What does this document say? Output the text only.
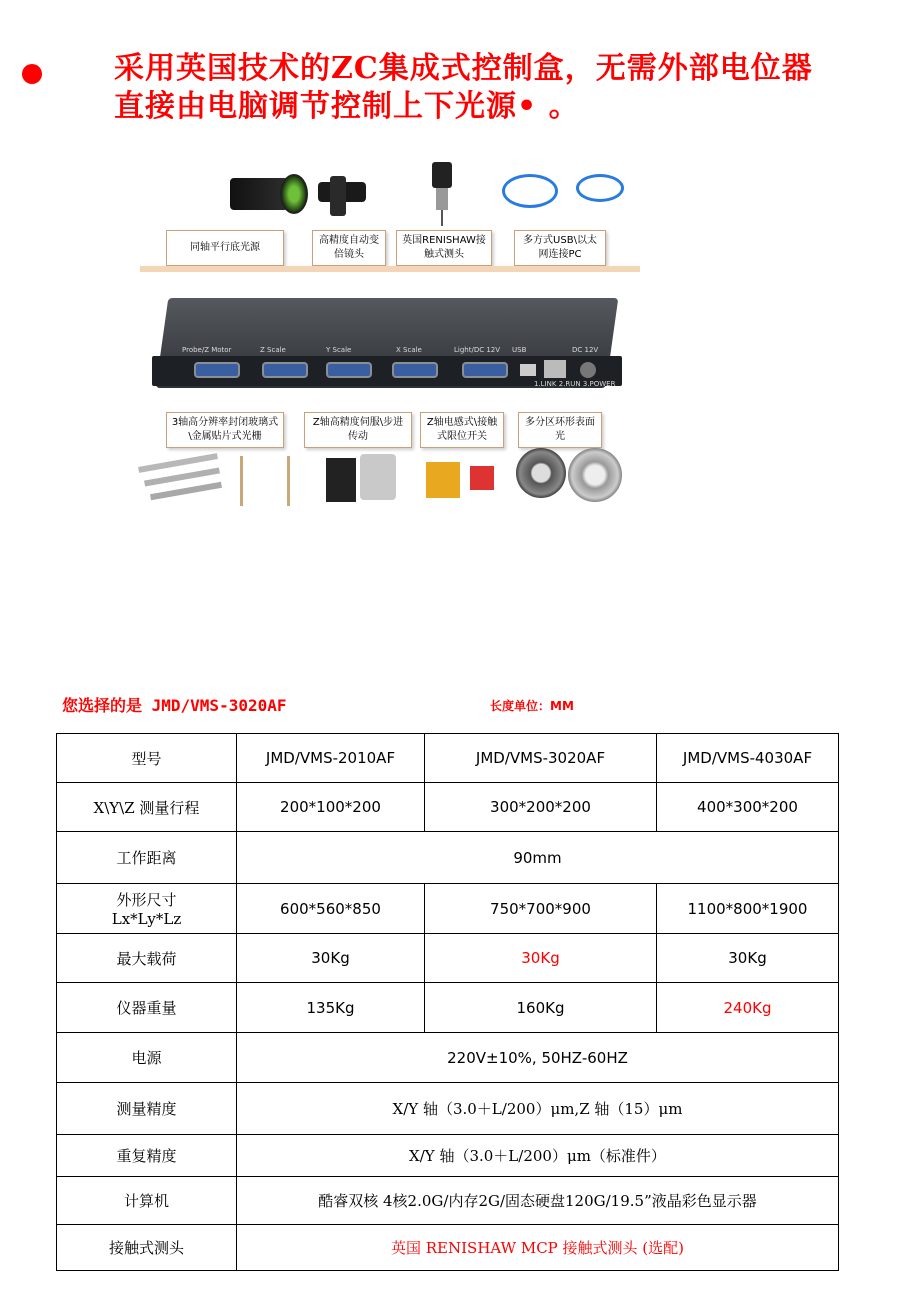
采用英国技术的ZC集成式控制盒，无需外部电位器
直接由电脑调节控制上下光源• 。
同轴平行底光源
高精度自动变倍镜头
英国RENISHAW接触式测头
多方式USB\以太网连接PC
Probe/Z Motor	Z Scale	Y Scale	X Scale	Light/DC 12V USB	DC 12V
1.LINK 2.RUN 3.POWER
3轴高分辨率封闭玻璃式\金属贴片式光栅
Z轴高精度伺服\步进传动
Z轴电感式\接触式限位开关
多分区环形表面光
您选择的是 JMD/VMS-3020AF	长度单位：MM
型号	JMD/VMS-2010AF	JMD/VMS-3020AF	JMD/VMS-4030AF
X\Y\Z 测量行程	200*100*200	300*200*200	400*300*200
工作距离	90mm		

外形尺寸
Lx*Ly*Lz	600*560*850	750*700*900	1100*800*1900
最大载荷	30Kg	30Kg	30Kg
仪器重量	135Kg	160Kg	240Kg
电源	220V±10%, 50HZ-60HZ		
测量精度	X/Y 轴（3.0＋L/200）μm,Z 轴（15）μm		
重复精度	X/Y 轴（3.0＋L/200）μm（标准件）		
计算机	酷睿双核 4核2.0G/内存2G/固态硬盘120G/19.5”液晶彩色显示器		
接触式测头	英国 RENISHAW MCP 接触式测头 (选配)		
